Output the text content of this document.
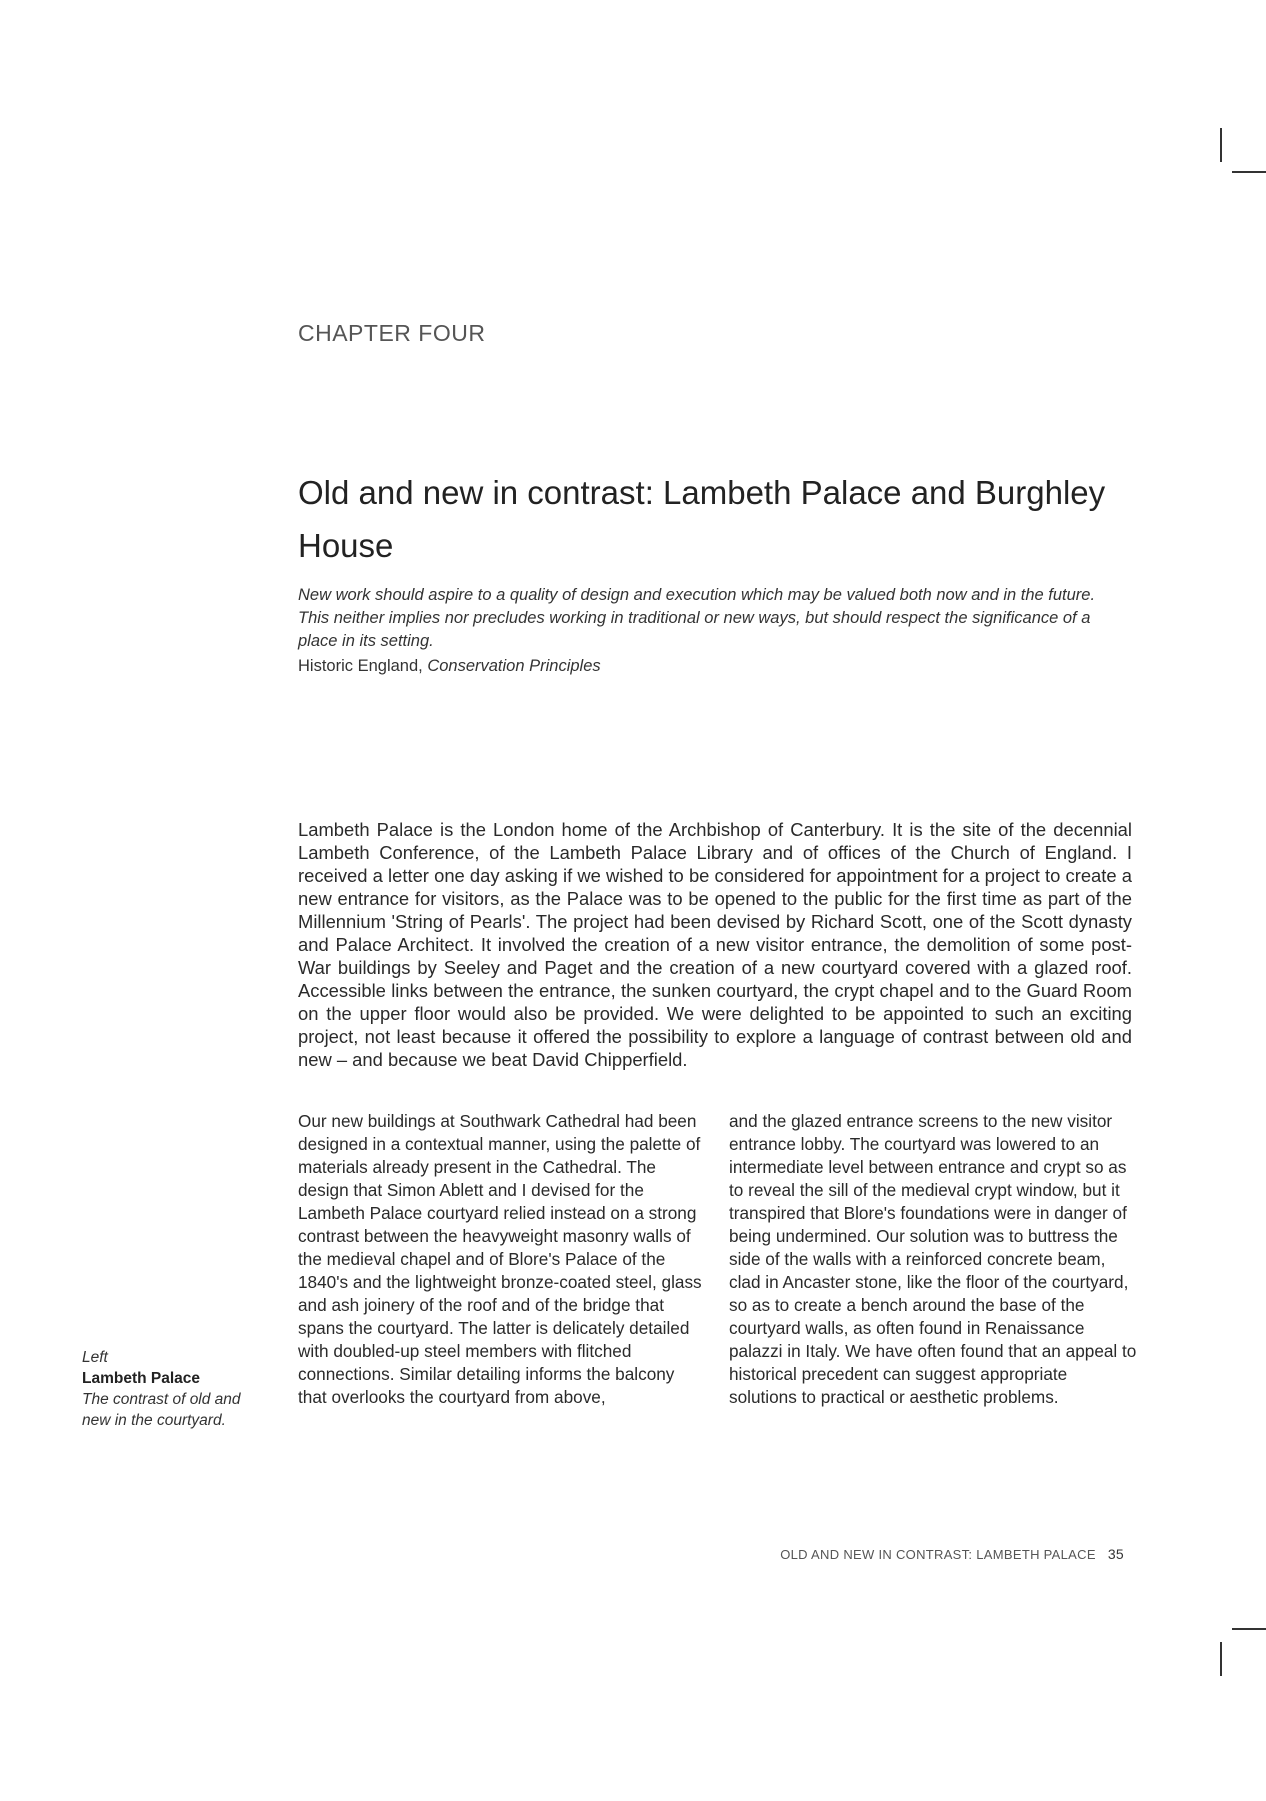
CHAPTER FOUR
Old and new in contrast: Lambeth Palace and Burghley House

New work should aspire to a quality of design and execution which may be valued both now and in the future. This neither implies nor precludes working in traditional or new ways, but should respect the significance of a place in its setting.

Historic England, Conservation Principles

Lambeth Palace is the London home of the Archbishop of Canterbury. It is the site of the decennial Lambeth Conference, of the Lambeth Palace Library and of offices of the Church of England. I received a letter one day asking if we wished to be considered for appointment for a project to create a new entrance for visitors, as the Palace was to be opened to the public for the first time as part of the Millennium 'String of Pearls'. The project had been devised by Richard Scott, one of the Scott dynasty and Palace Architect. It involved the creation of a new visitor entrance, the demolition of some post-War buildings by Seeley and Paget and the creation of a new courtyard covered with a glazed roof. Accessible links between the entrance, the sunken courtyard, the crypt chapel and to the Guard Room on the upper floor would also be provided. We were delighted to be appointed to such an exciting project, not least because it offered the possibility to explore a language of contrast between old and new – and because we beat David Chipperfield.

Our new buildings at Southwark Cathedral had been designed in a contextual manner, using the palette of materials already present in the Cathedral. The design that Simon Ablett and I devised for the Lambeth Palace courtyard relied instead on a strong contrast between the heavyweight masonry walls of the medieval chapel and of Blore's Palace of the 1840's and the lightweight bronze-coated steel, glass and ash joinery of the roof and of the bridge that spans the courtyard. The latter is delicately detailed with doubled-up steel members with flitched connections. Similar detailing informs the balcony that overlooks the courtyard from above,

and the glazed entrance screens to the new visitor entrance lobby. The courtyard was lowered to an intermediate level between entrance and crypt so as to reveal the sill of the medieval crypt window, but it transpired that Blore's foundations were in danger of being undermined. Our solution was to buttress the side of the walls with a reinforced concrete beam, clad in Ancaster stone, like the floor of the courtyard, so as to create a bench around the base of the courtyard walls, as often found in Renaissance palazzi in Italy. We have often found that an appeal to historical precedent can suggest appropriate solutions to practical or aesthetic problems.

Left
Lambeth Palace
The contrast of old and new in the courtyard.
OLD AND NEW IN CONTRAST: LAMBETH PALACE 35
